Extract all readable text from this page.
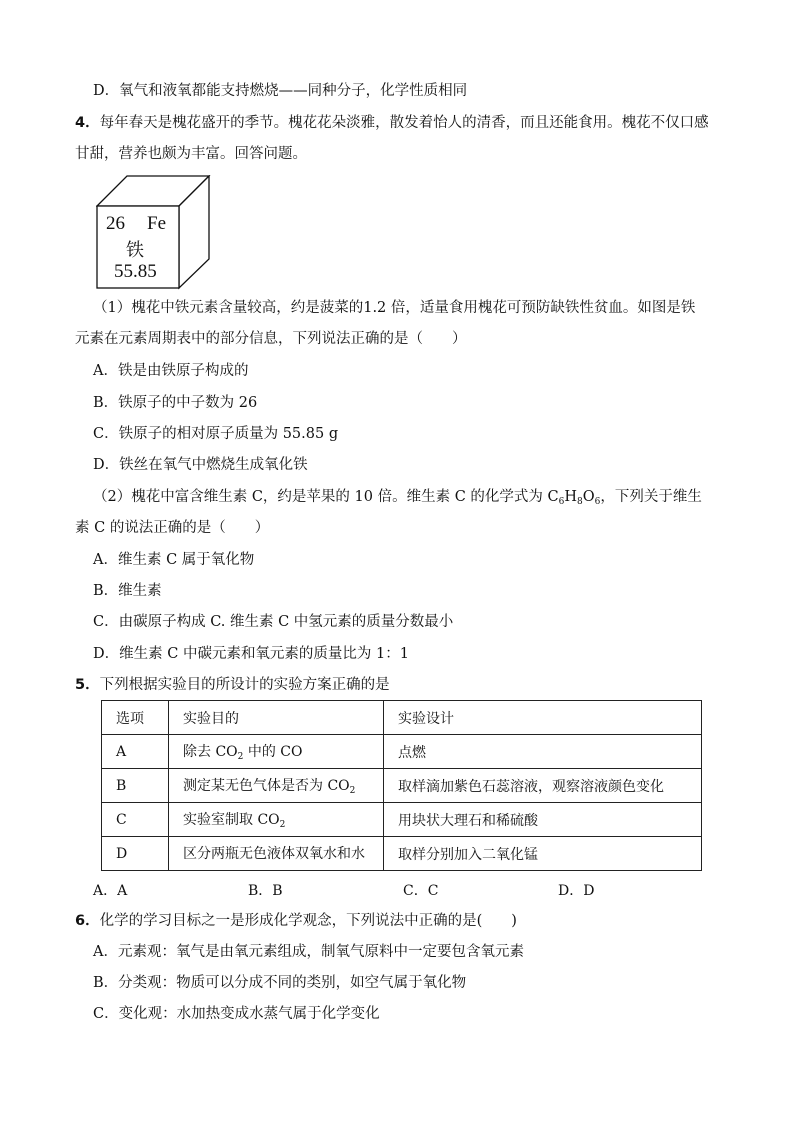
D．氧气和液氧都能支持燃烧——同种分子，化学性质相同
4．每年春天是槐花盛开的季节。槐花花朵淡雅，散发着怡人的清香，而且还能食用。槐花不仅口感
甘甜，营养也颇为丰富。回答问题。
26 Fe
铁
55.85
（1）槐花中铁元素含量较高，约是菠菜的1.2 倍，适量食用槐花可预防缺铁性贫血。如图是铁
元素在元素周期表中的部分信息，下列说法正确的是（　　）
A．铁是由铁原子构成的
B．铁原子的中子数为 26
C．铁原子的相对原子质量为 55.85 g
D．铁丝在氧气中燃烧生成氧化铁
（2）槐花中富含维生素 C，约是苹果的 10 倍。维生素 C 的化学式为 $C_6H_8O_6$，下列关于维生
素 C 的说法正确的是（　　）
A．维生素 C 属于氧化物
B．维生素
C．由碳原子构成 C. 维生素 C 中氢元素的质量分数最小
D．维生素 C 中碳元素和氧元素的质量比为 1：1
5．下列根据实验目的所设计的实验方案正确的是
选项	实验目的	实验设计
A	除去 $CO_2$ 中的 CO	点燃
B	测定某无色气体是否为 $CO_2$	取样滴加紫色石蕊溶液，观察溶液颜色变化
C	实验室制取 $CO_2$	用块状大理石和稀硫酸
D	区分两瓶无色液体双氧水和水	取样分别加入二氧化锰
A．A	B．B	C．C	D．D
6．化学的学习目标之一是形成化学观念，下列说法中正确的是(　　)
A．元素观：氧气是由氧元素组成，制氧气原料中一定要包含氧元素
B．分类观：物质可以分成不同的类别，如空气属于氧化物
C．变化观：水加热变成水蒸气属于化学变化
